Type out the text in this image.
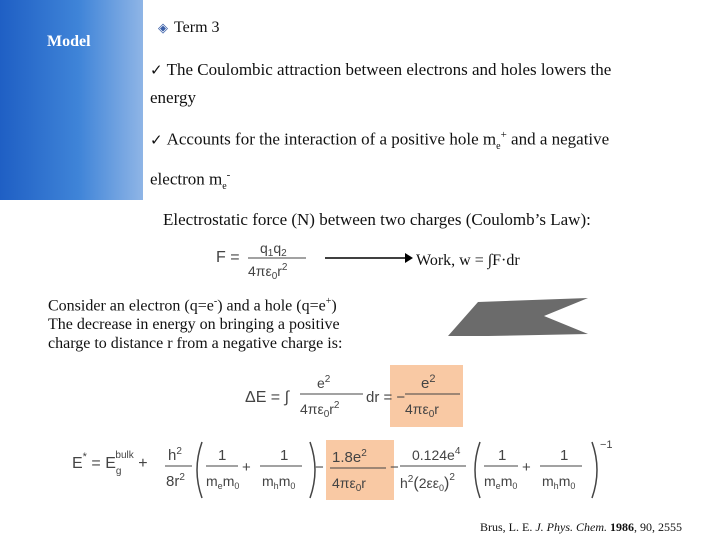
Model
◈ Term 3
✓ The Coulombic attraction between electrons and holes lowers the
energy
✓ Accounts for the interaction of a positive hole $m_e^+$ and a negative
electron $m_e^-$
Electrostatic force (N) between two charges (Coulomb’s Law):
F =
$q_1q_2$
$4\pi\varepsilon_0r^2$	Work, w = ∫F·dr
Consider an electron (q=e-) and a hole (q=e+)
The decrease in energy on bringing a positive
charge to distance r from a negative charge is:
ΔE = ∫
$e^2$
$4\pi\varepsilon_0r^2$ dr = −
$e^2$
$4\pi\varepsilon_0r$
$E^* = E_gbulk + h^2$
$8r^2$
1
$m_em_0$
+
1
$m_hm_0$
−
$1.8e^2$
$4\pi\varepsilon_0r$
−
$0.124e^4$
$h^2(2\varepsilon\varepsilon_0)^2$
1
$m_em_0$
+
1
$m_hm_0$
−1
Brus, L. E. J. Phys. Chem. 1986, 90, 2555
